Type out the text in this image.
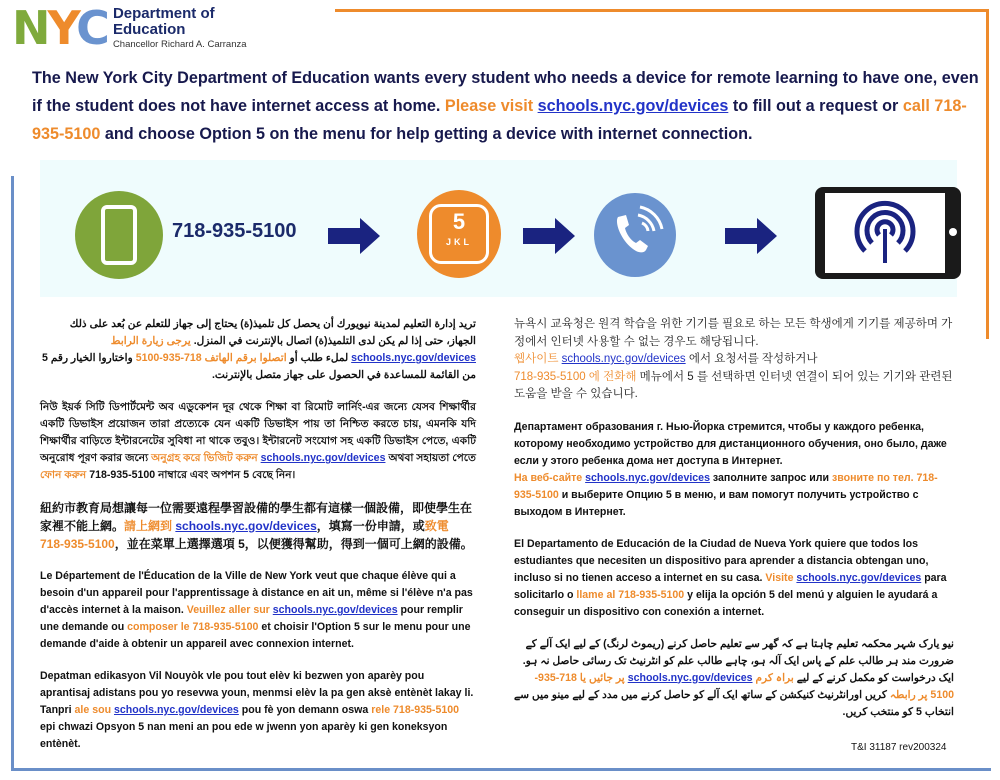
NYC Department of
Education
Chancellor Richard A. Carranza
The New York City Department of Education wants every student who needs a device for remote learning to have one, even if the student does not have internet access at home. Please visit schools.nyc.gov/devices to fill out a request or call 718-935-5100 and choose Option 5 on the menu for help getting a device with internet connection.
718-935-5100	5
JKL

تريد إدارة التعليم لمدينة نيويورك أن يحصل كل تلميذ(ة) يحتاج إلى جهاز للتعلم عن بُعد على ذلك الجهاز، حتى إذا لم يكن لدى التلميذ(ة) اتصال بالإنترنت في المنزل. يرجى زيارة الرابط schools.nyc.gov/devices لملء طلب أو اتصلوا برقم الهاتف 718-935-5100 واختاروا الخيار رقم 5 من القائمة للمساعدة في الحصول على جهاز متصل بالإنترنت.

নিউ ইয়র্ক সিটি ডিপার্টমেন্ট অব এডুকেশন দূর থেকে শিক্ষা বা রিমোট লার্নিং-এর জন্যে যেসব শিক্ষার্থীর একটি ডিভাইস প্রয়োজন তারা প্রত্যেকে যেন একটি ডিভাইস পায় তা নিশ্চিত করতে চায়, এমনকি যদি শিক্ষার্থীর বাড়িতে ইন্টারনেটের সুবিধা না থাকে তবুও। ইন্টারনেট সংযোগ সহ একটি ডিভাইস পেতে, একটি অনুরোধ পূরণ করার জন্যে অনুগ্রহ করে ভিজিট করুন schools.nyc.gov/devices অথবা সহায়তা পেতে ফোন করুন 718-935-5100 নাম্বারে এবং অপশন 5 বেছে নিন।

紐約市教育局想讓每一位需要遠程學習設備的學生都有這樣一個設備，即使學生在家裡不能上網。請上網到 schools.nyc.gov/devices，填寫一份申請，或致電 718-935-5100，並在菜單上選擇選項 5，以便獲得幫助，得到一個可上網的設備。

Le Département de l'Éducation de la Ville de New York veut que chaque élève qui a besoin d'un appareil pour l'apprentissage à distance en ait un, même si l'élève n'a pas d'accès internet à la maison. Veuillez aller sur schools.nyc.gov/devices pour remplir une demande ou composer le 718-935-5100 et choisir l'Option 5 sur le menu pour une demande d'aide à obtenir un appareil avec connexion internet.

Depatman edikasyon Vil Nouyòk vle pou tout elèv ki bezwen yon aparèy pou aprantisaj adistans pou yo resevwa youn, menmsi elèv la pa gen aksè entènèt lakay li. Tanpri ale sou schools.nyc.gov/devices pou fè yon demann oswa rele 718-935-5100 epi chwazi Opsyon 5 nan meni an pou ede w jwenn yon aparèy ki gen koneksyon entènèt.

뉴욕시 교육청은 원격 학습을 위한 기기를 필요로 하는 모든 학생에게 기기를 제공하며 가정에서 인터넷 사용할 수 없는 경우도 해당됩니다.
웹사이트 schools.nyc.gov/devices 에서 요청서를 작성하거나
718-935-5100 에 전화해 메뉴에서 5 를 선택하면 인터넷 연결이 되어 있는 기기와 관련된 도움을 받을 수 있습니다.

Департамент образования г. Нью-Йорка стремится, чтобы у каждого ребенка, которому необходимо устройство для дистанционного обучения, оно было, даже если у этого ребенка дома нет доступа в Интернет.
На веб-сайте schools.nyc.gov/devices заполните запрос или звоните по тел. 718-935-5100 и выберите Опцию 5 в меню, и вам помогут получить устройство с выходом в Интернет.

El Departamento de Educación de la Ciudad de Nueva York quiere que todos los estudiantes que necesiten un dispositivo para aprender a distancia obtengan uno, incluso si no tienen acceso a internet en su casa. Visite schools.nyc.gov/devices para solicitarlo o llame al 718-935-5100 y elija la opción 5 del menú y alguien le ayudará a conseguir un dispositivo con conexión a internet.

نیو یارک شہر محکمہ تعلیم چاہتا ہے کہ گھر سے تعلیم حاصل کرنے (ریموٹ لرنگ) کے لیے ایک آلے کے ضرورت مند ہر طالب علم کے پاس ایک آلہ ہو، چاہے طالب علم کو انٹرنیٹ تک رسائی حاصل نہ ہو. ایک درخواست کو مکمل کرنے کے لیے براہ کرم schools.nyc.gov/devices پر جائیں یا 718-935-5100 پر رابطہ کریں اورانٹرنیٹ کنیکشن کے ساتھ ایک آلے کو حاصل کرنے میں مدد کے لیے مینو میں سے انتخاب 5 کو منتخب کریں.

T&I 31187 rev200324
